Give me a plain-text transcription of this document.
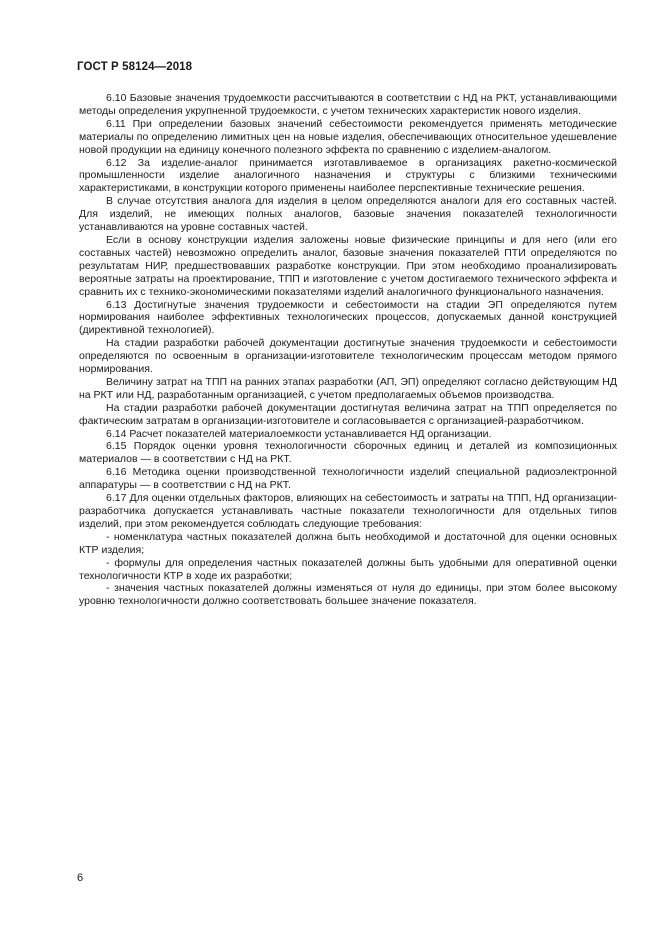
ГОСТ Р 58124—2018

6.10 Базовые значения трудоемкости рассчитываются в соответствии с НД на РКТ, устанавливающими методы определения укрупненной трудоемкости, с учетом технических характеристик нового изделия.

6.11 При определении базовых значений себестоимости рекомендуется применять методические материалы по определению лимитных цен на новые изделия, обеспечивающих относительное удешевление новой продукции на единицу конечного полезного эффекта по сравнению с изделием-аналогом.

6.12 За изделие-аналог принимается изготавливаемое в организациях ракетно-космической промышленности изделие аналогичного назначения и структуры с близкими техническими характеристиками, в конструкции которого применены наиболее перспективные технические решения.

В случае отсутствия аналога для изделия в целом определяются аналоги для его составных частей. Для изделий, не имеющих полных аналогов, базовые значения показателей технологичности устанавливаются на уровне составных частей.

Если в основу конструкции изделия заложены новые физические принципы и для него (или его составных частей) невозможно определить аналог, базовые значения показателей ПТИ определяются по результатам НИР, предшествовавших разработке конструкции. При этом необходимо проанализировать вероятные затраты на проектирование, ТПП и изготовление с учетом достигаемого технического эффекта и сравнить их с технико-экономическими показателями изделий аналогичного функционального назначения.

6.13 Достигнутые значения трудоемкости и себестоимости на стадии ЭП определяются путем нормирования наиболее эффективных технологических процессов, допускаемых данной конструкцией (директивной технологией).

На стадии разработки рабочей документации достигнутые значения трудоемкости и себестоимости определяются по освоенным в организации-изготовителе технологическим процессам методом прямого нормирования.

Величину затрат на ТПП на ранних этапах разработки (АП, ЭП) определяют согласно действующим НД на РКТ или НД, разработанным организацией, с учетом предполагаемых объемов производства.

На стадии разработки рабочей документации достигнутая величина затрат на ТПП определяется по фактическим затратам в организации-изготовителе и согласовывается с организацией-разработчиком.

6.14 Расчет показателей материалоемкости устанавливается НД организации.

6.15 Порядок оценки уровня технологичности сборочных единиц и деталей из композиционных материалов — в соответствии с НД на РКТ.

6.16 Методика оценки производственной технологичности изделий специальной радиоэлектронной аппаратуры — в соответствии с НД на РКТ.

6.17 Для оценки отдельных факторов, влияющих на себестоимость и затраты на ТПП, НД организации-разработчика допускается устанавливать частные показатели технологичности для отдельных типов изделий, при этом рекомендуется соблюдать следующие требования:

- номенклатура частных показателей должна быть необходимой и достаточной для оценки основных КТР изделия;

- формулы для определения частных показателей должны быть удобными для оперативной оценки технологичности КТР в ходе их разработки;

- значения частных показателей должны изменяться от нуля до единицы, при этом более высокому уровню технологичности должно соответствовать большее значение показателя.

6
